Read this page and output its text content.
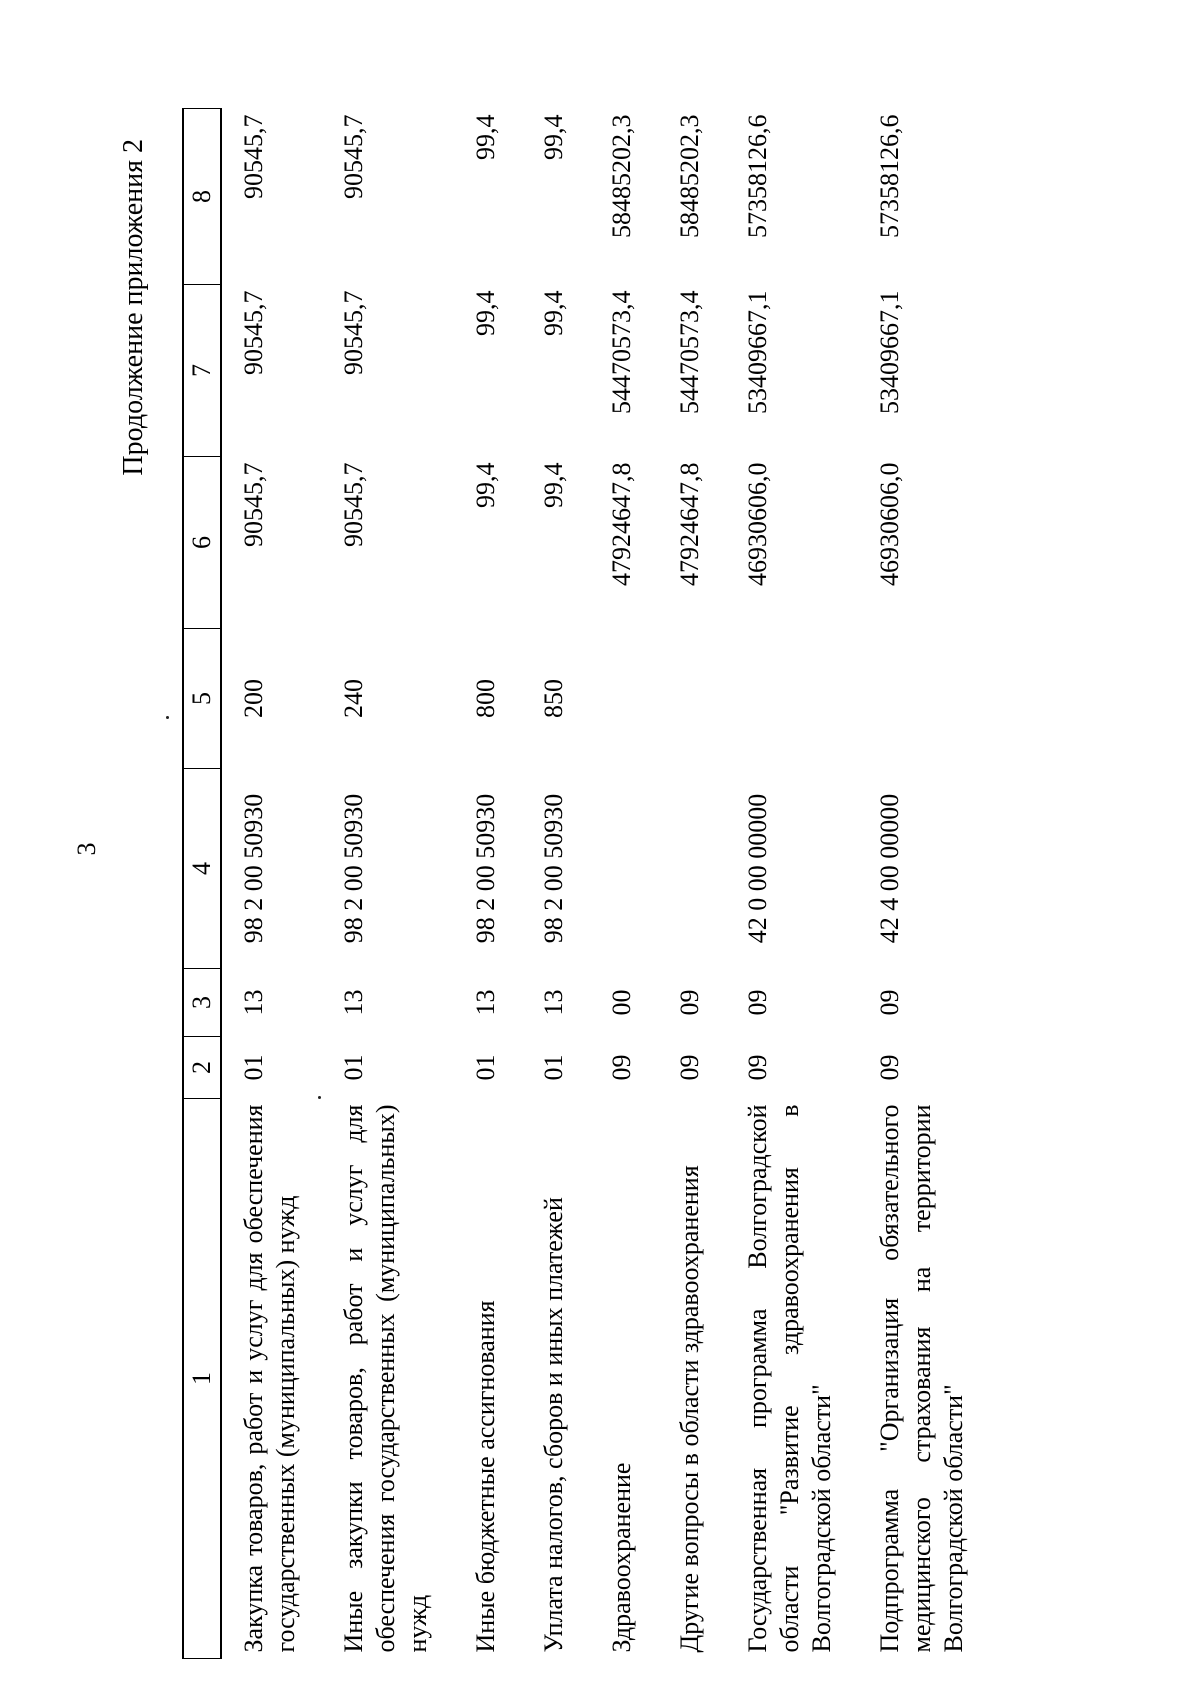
3
Продолжение приложения 2
1	2	3	4	5	6	7	8
Закупка товаров, работ и услуг для обеспечения государственных (муниципальных) нужд	01	13	98 2 00 50930	200	90545,7	90545,7	90545,7
Иные закупки товаров, работ и услуг для обеспечения государственных (муниципальных) нужд	01	13	98 2 00 50930	240	90545,7	90545,7	90545,7
Иные бюджетные ассигнования	01	13	98 2 00 50930	800	99,4	99,4	99,4
Уплата налогов, сборов и иных платежей	01	13	98 2 00 50930	850	99,4	99,4	99,4
Здравоохранение	09	00			47924647,8	54470573,4	58485202,3
Другие вопросы в области здравоохранения	09	09			47924647,8	54470573,4	58485202,3
Государственная программа Волгоградской области "Развитие здравоохранения в Волгоградской области"	09	09	42 0 00 00000		46930606,0	53409667,1	57358126,6
Подпрограмма "Организация обязательного медицинского страхования на территории Волгоградской области"	09	09	42 4 00 00000		46930606,0	53409667,1	57358126,6
